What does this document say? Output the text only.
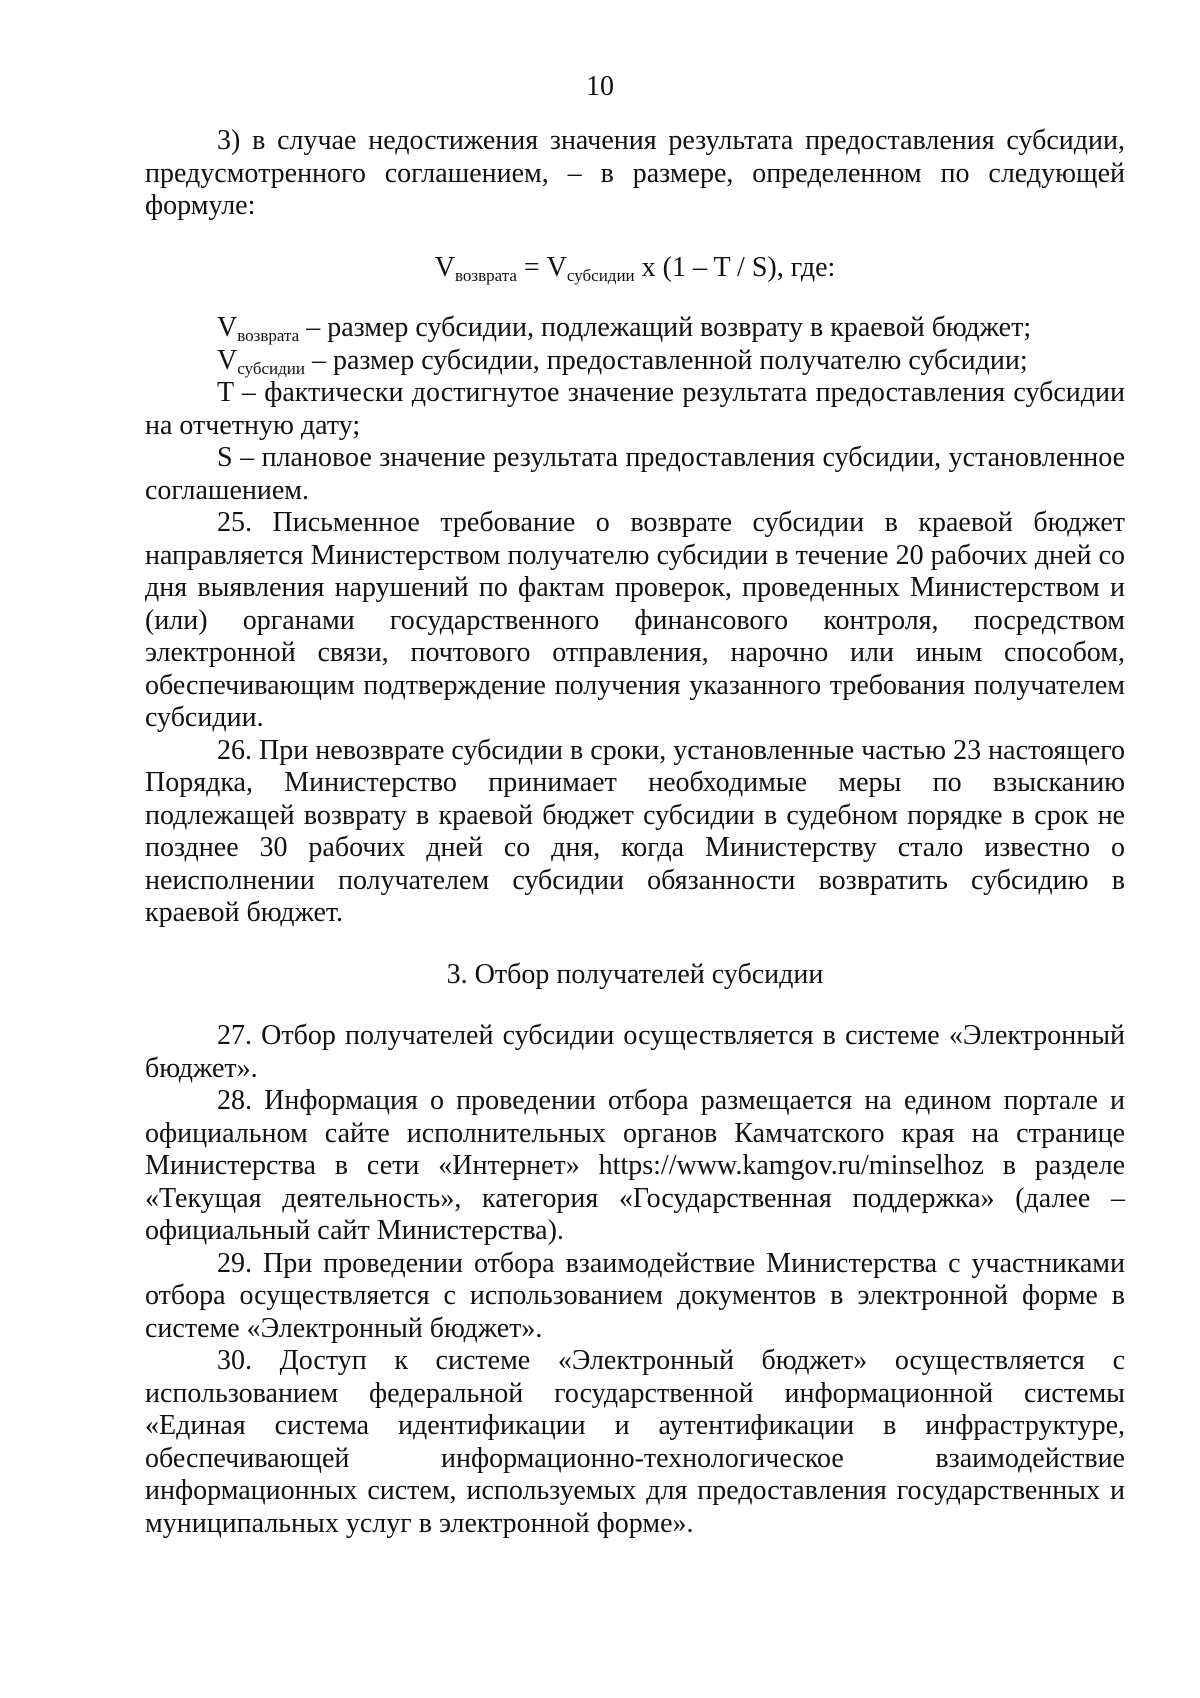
10

3) в случае недостижения значения результата предоставления субсидии, предусмотренного соглашением, – в размере, определенном по следующей формуле:

$V_{возврата} = V_{субсидии}$ x (1 – T / S), где:

$V_{возврата}$ – размер субсидии, подлежащий возврату в краевой бюджет;

$V_{субсидии}$ – размер субсидии, предоставленной получателю субсидии;

T – фактически достигнутое значение результата предоставления субсидии на отчетную дату;

S – плановое значение результата предоставления субсидии, установленное соглашением.

25. Письменное требование о возврате субсидии в краевой бюджет направляется Министерством получателю субсидии в течение 20 рабочих дней со дня выявления нарушений по фактам проверок, проведенных Министерством и (или) органами государственного финансового контроля, посредством электронной связи, почтового отправления, нарочно или иным способом, обеспечивающим подтверждение получения указанного требования получателем субсидии.

26. При невозврате субсидии в сроки, установленные частью 23 настоящего Порядка, Министерство принимает необходимые меры по взысканию подлежащей возврату в краевой бюджет субсидии в судебном порядке в срок не позднее 30 рабочих дней со дня, когда Министерству стало известно о неисполнении получателем субсидии обязанности возвратить субсидию в краевой бюджет.

3. Отбор получателей субсидии

27. Отбор получателей субсидии осуществляется в системе «Электронный бюджет».

28. Информация о проведении отбора размещается на едином портале и официальном сайте исполнительных органов Камчатского края на странице Министерства в сети «Интернет» https://www.kamgov.ru/minselhoz в разделе «Текущая деятельность», категория «Государственная поддержка» (далее – официальный сайт Министерства).

29. При проведении отбора взаимодействие Министерства с участниками отбора осуществляется с использованием документов в электронной форме в системе «Электронный бюджет».

30. Доступ к системе «Электронный бюджет» осуществляется с использованием федеральной государственной информационной системы «Единая система идентификации и аутентификации в инфраструктуре, обеспечивающей информационно-технологическое взаимодействие информационных систем, используемых для предоставления государственных и муниципальных услуг в электронной форме».
